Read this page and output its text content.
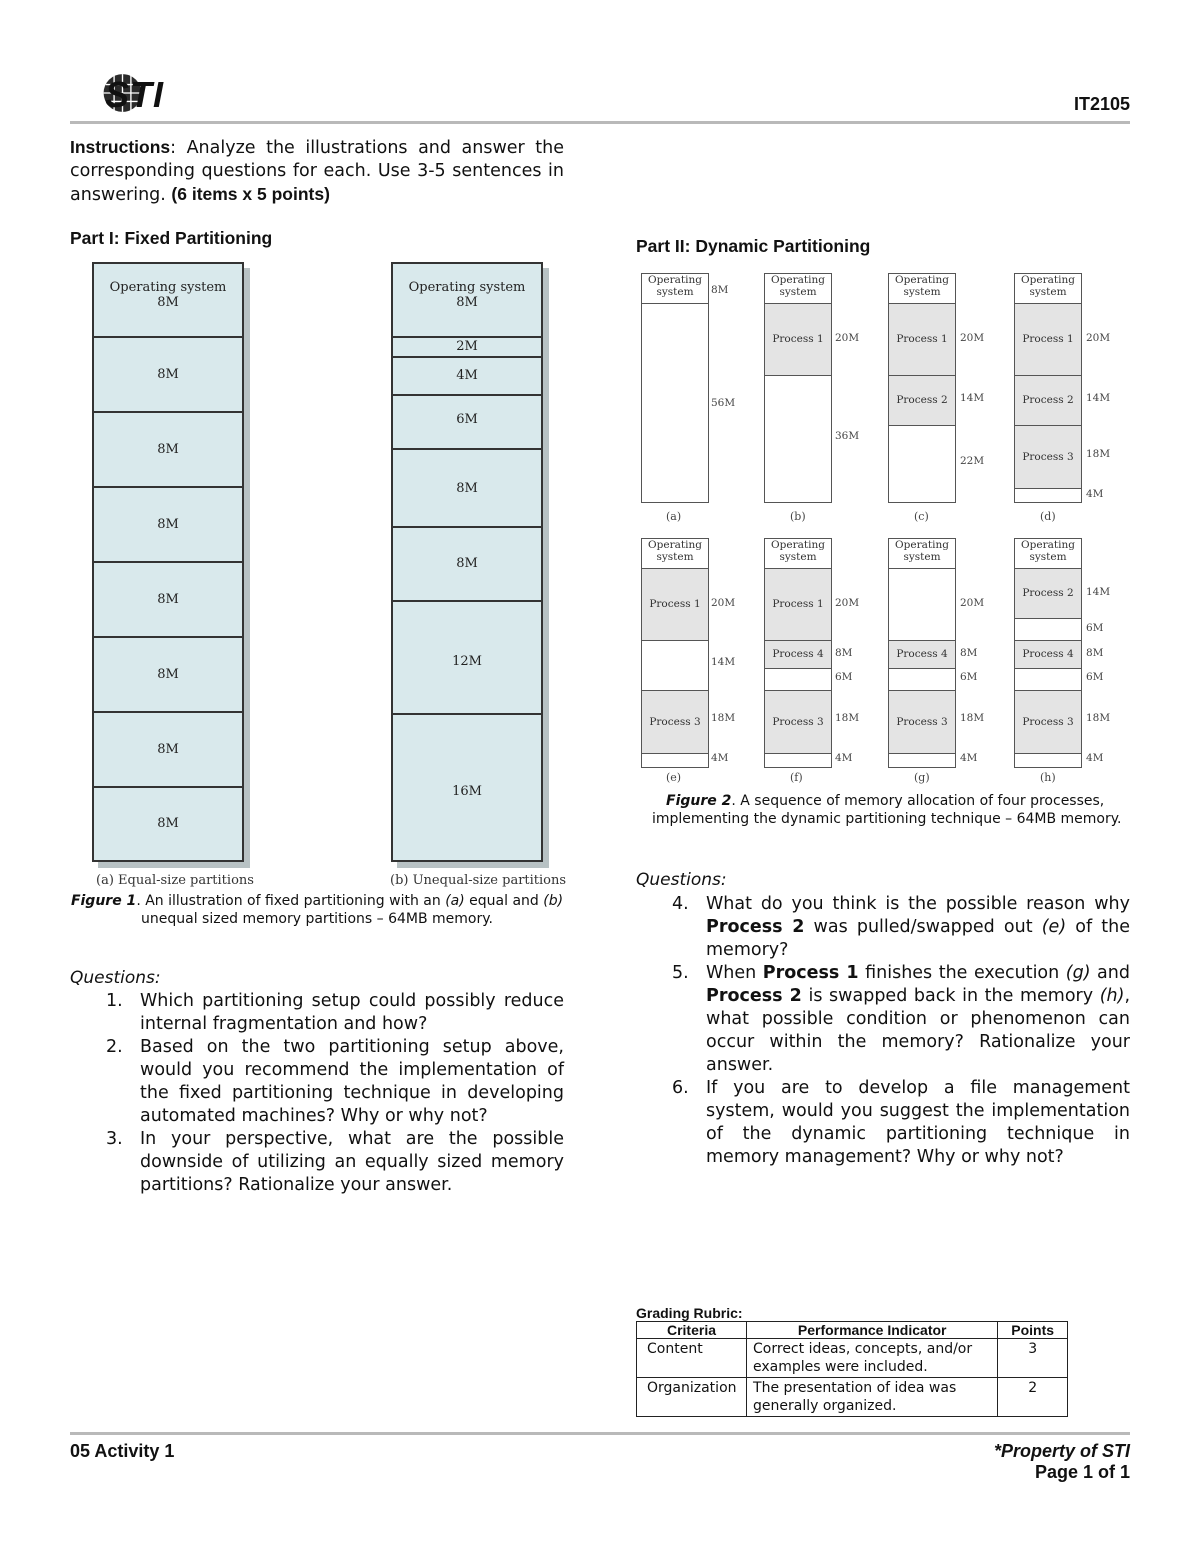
STI	IT2105
Instructions: Analyze the illustrations and answer the corresponding questions for each. Use 3-5 sentences in answering. (6 items x 5 points)
Part I: Fixed Partitioning
Operating system
8M
8M
8M
8M
8M
8M
8M
8M
Operating system
8M
2M
4M
6M
8M
8M
12M
16M
(a) Equal-size partitions	(b) Unequal-size partitions
Figure 1. An illustration of fixed partitioning with an (a) equal and (b)
unequal sized memory partitions – 64MB memory.
Questions:
1. Which partitioning setup could possibly reduce internal fragmentation and how?
2. Based on the two partitioning setup above, would you recommend the implementation of the fixed partitioning technique in developing automated machines? Why or why not?
3. In your perspective, what are the possible downside of utilizing an equally sized memory partitions? Rationalize your answer.
Part II: Dynamic Partitioning
Operating system	8M
56M
(a)
Operating system
Process 1	20M
36M
(b)
Operating system
Process 1
Process 2
20M
14M
22M
(c)
Operating system
Process 1
Process 2
Process 3
20M
14M
18M
4M
(d)
Operating system
Process 1
Process 3
20M
14M
18M
4M
(e)
Operating system
Process 1
Process 4
Process 3
20M
8M
6M
18M
4M
(f)
Operating system
Process 4
Process 3
20M
8M
6M
18M
4M
(g)
Operating system
Process 2
Process 4
Process 3
14M
6M
8M
6M
18M
4M
(h)
Figure 2. A sequence of memory allocation of four processes, implementing the dynamic partitioning technique – 64MB memory.
Questions:
4. What do you think is the possible reason why Process 2 was pulled/swapped out (e) of the memory?
5. When Process 1 finishes the execution (g) and Process 2 is swapped back in the memory (h), what possible condition or phenomenon can occur within the memory? Rationalize your answer.
6. If you are to develop a file management system, would you suggest the implementation of the dynamic partitioning technique in memory management? Why or why not?
Grading Rubric:
Criteria	Performance Indicator	Points
Content	Correct ideas, concepts, and/or examples were included.	3
Organization	The presentation of idea was generally organized.	2
05 Activity 1	*Property of STI
Page 1 of 1
